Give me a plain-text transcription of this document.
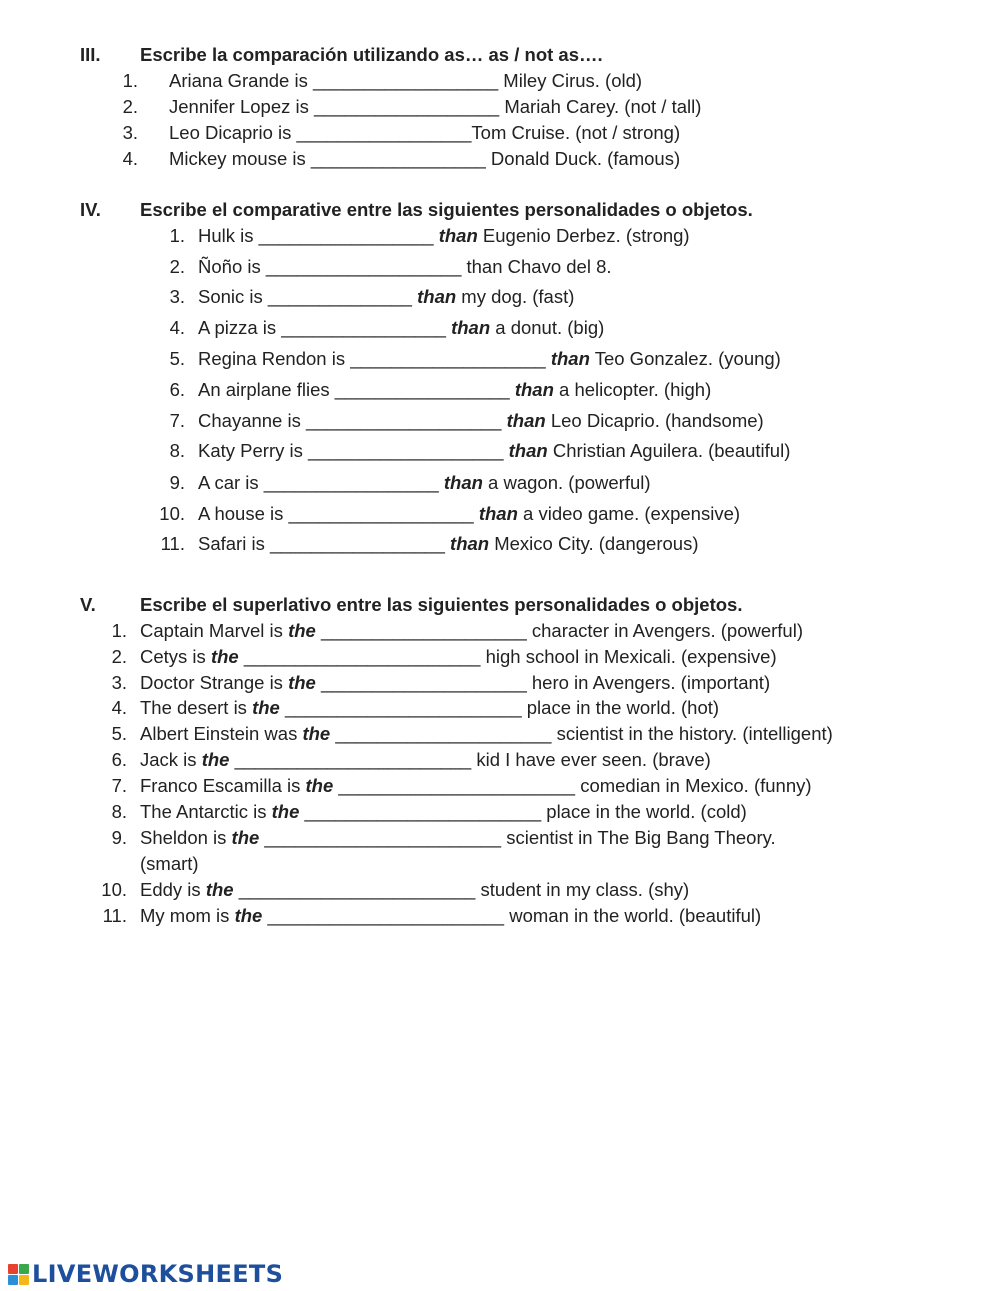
III. Escribe la comparación utilizando as… as / not as….
1. Ariana Grande is __________________ Miley Cirus. (old)
2. Jennifer Lopez is __________________ Mariah Carey. (not / tall)
3. Leo Dicaprio is _________________Tom Cruise. (not / strong)
4. Mickey mouse is _________________ Donald Duck. (famous)
IV. Escribe el comparative entre las siguientes personalidades o objetos.
1. Hulk is _________________ than Eugenio Derbez. (strong)
2. Ñoño is ___________________ than Chavo del 8.
3. Sonic is ______________ than my dog. (fast)
4. A pizza is ________________ than a donut. (big)
5. Regina Rendon is ___________________ than Teo Gonzalez. (young)
6. An airplane flies _________________ than a helicopter. (high)
7. Chayanne is ___________________ than Leo Dicaprio. (handsome)
8. Katy Perry is ___________________ than Christian Aguilera. (beautiful)
9. A car is _________________ than a wagon. (powerful)
10. A house is __________________ than a video game. (expensive)
11. Safari is _________________ than Mexico City. (dangerous)
V. Escribe el superlativo entre las siguientes personalidades o objetos.
1. Captain Marvel is the ____________________ character in Avengers. (powerful)
2. Cetys is the _______________________ high school in Mexicali. (expensive)
3. Doctor Strange is the ____________________ hero in Avengers. (important)
4. The desert is the _______________________ place in the world. (hot)
5. Albert Einstein was the _____________________ scientist in the history. (intelligent)
6. Jack is the _______________________ kid I have ever seen. (brave)
7. Franco Escamilla is the _______________________ comedian in Mexico. (funny)
8. The Antarctic is the _______________________ place in the world. (cold)
9. Sheldon is the _______________________ scientist in The Big Bang Theory.
(smart)
10. Eddy is the _______________________ student in my class. (shy)
11. My mom is the _______________________ woman in the world. (beautiful)
LIVEWORKSHEETS
